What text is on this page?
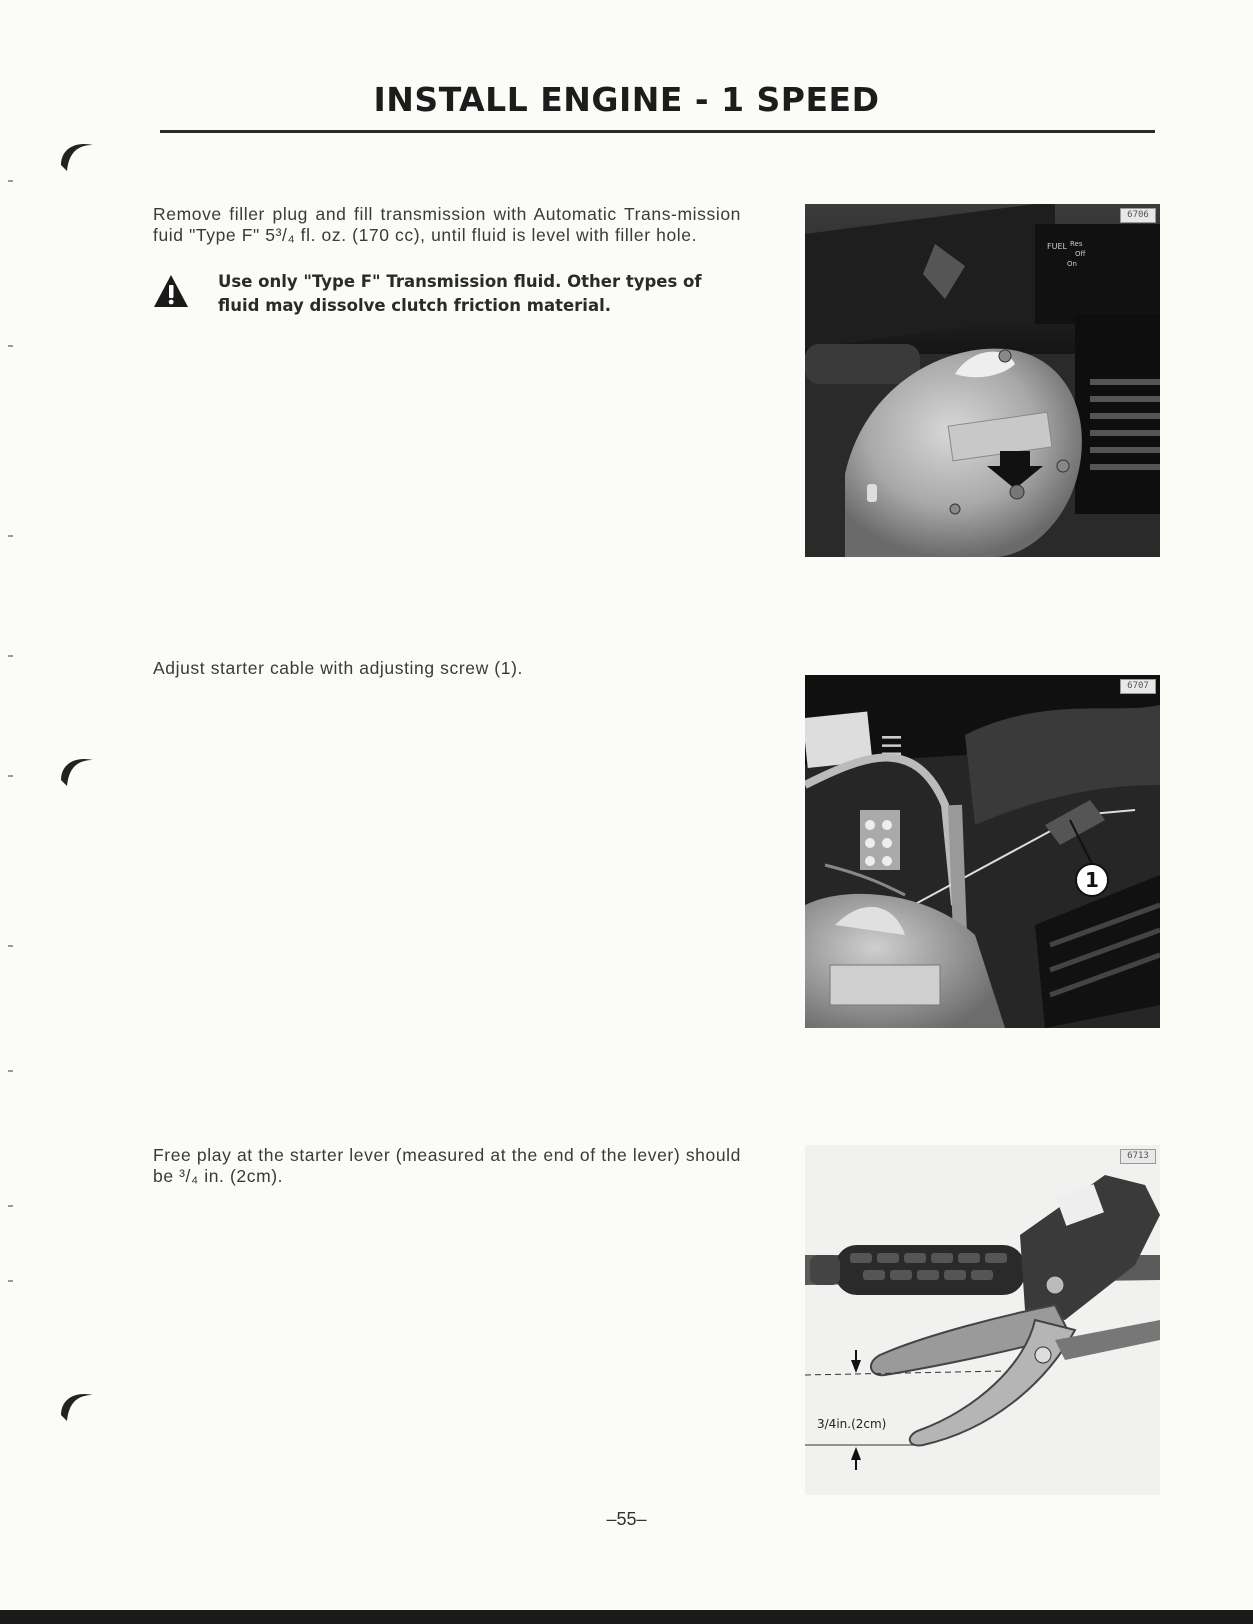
INSTALL ENGINE - 1 SPEED
Remove filler plug and fill transmission with Automatic Trans-mission fuid "Type F" 5³/₄ fl. oz. (170 cc), until fluid is level with filler hole.
Use only "Type F" Transmission fluid. Other types of fluid may dissolve clutch friction material.
FUEL Res
Off
On
6706
Adjust starter cable with adjusting screw (1).
☰
1
6707
Free play at the starter lever (measured at the end of the lever) should be ³/₄ in. (2cm).
3/4in.(2cm)
6713
–55–
